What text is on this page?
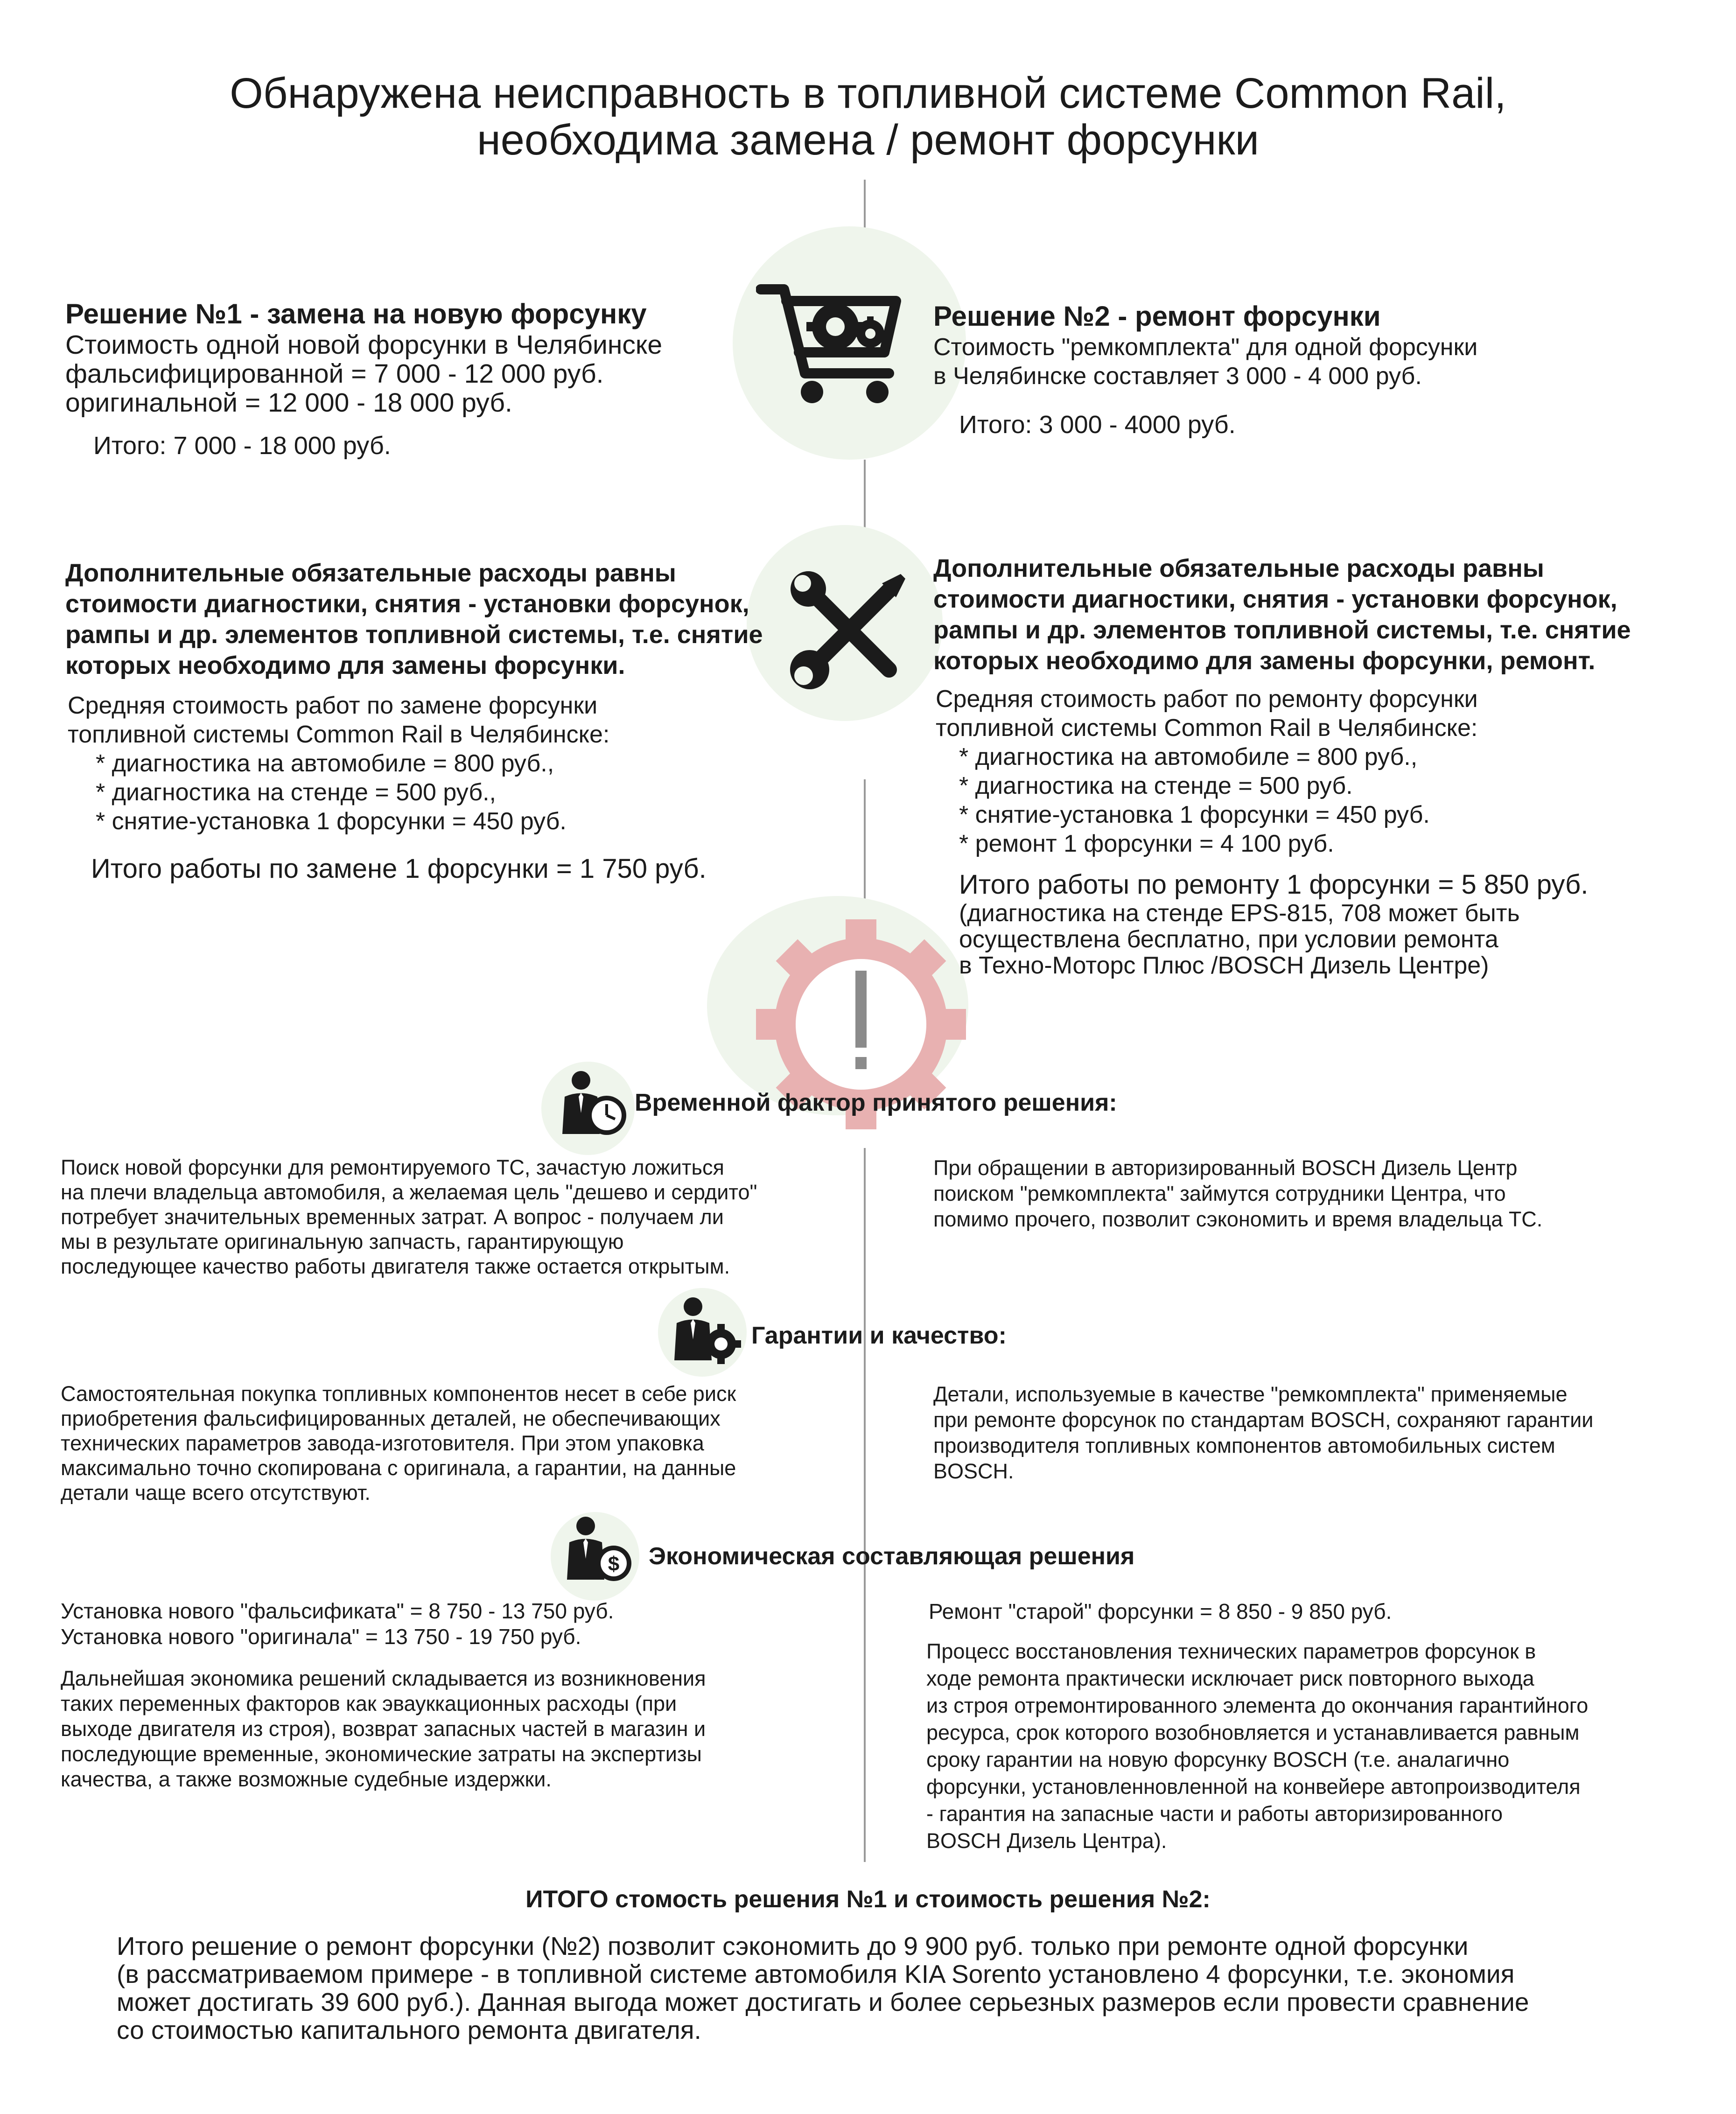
Обнаружена неисправность в топливной системе Common Rail,
необходима замена / ремонт форсунки
Решение №1 - замена на новую форсунку
Стоимость одной новой форсунки в Челябинске
фальсифицированной = 7 000 - 12 000 руб.
оригинальной = 12 000 - 18 000 руб.
Итого: 7 000 - 18 000 руб.
Решение №2 - ремонт форсунки
Стоимость "ремкомплекта" для одной форсунки
в Челябинске составляет 3 000 - 4 000 руб.
Итого: 3 000 - 4000 руб.
Дополнительные обязательные расходы равны
стоимости диагностики, снятия - установки форсунок,
рампы и др. элементов топливной системы, т.е. снятие
которых необходимо для замены форсунки.
Средняя стоимость работ по замене форсунки
топливной системы Common Rail в Челябинске:
* диагностика на автомобиле = 800 руб.,
* диагностика на стенде = 500 руб.,
* снятие-установка 1 форсунки = 450 руб.
Итого работы по замене 1 форсунки = 1 750 руб.
Дополнительные обязательные расходы равны
стоимости диагностики, снятия - установки форсунок,
рампы и др. элементов топливной системы, т.е. снятие
которых необходимо для замены форсунки, ремонт.
Средняя стоимость работ по ремонту форсунки
топливной системы Common Rail в Челябинске:
* диагностика на автомобиле = 800 руб.,
* диагностика на стенде = 500 руб.
* снятие-установка 1 форсунки = 450 руб.
* ремонт 1 форсунки = 4 100 руб.
Итого работы по ремонту 1 форсунки = 5 850 руб.
(диагностика на стенде EPS-815, 708 может быть
осуществлена бесплатно, при условии ремонта
в Техно-Моторс Плюс /BOSCH Дизель Центре)
Временной фактор принятого решения:
Поиск новой форсунки для ремонтируемого ТС, зачастую ложиться
на плечи владельца автомобиля, а желаемая цель "дешево и сердито"
потребует значительных временных затрат. А вопрос - получаем ли
мы в результате оригинальную запчасть, гарантирующую
последующее качество работы двигателя также остается открытым.
При обращении в авторизированный BOSCH Дизель Центр
поиском "ремкомплекта" займутся сотрудники Центра, что
помимо прочего, позволит сэкономить и время владельца ТС.
Гарантии и качество:
Самостоятельная покупка топливных компонентов несет в себе риск
приобретения фальсифицированных деталей, не обеспечивающих
технических параметров завода-изготовителя. При этом упаковка
максимально точно скопирована с оригинала, а гарантии, на данные
детали чаще всего отсутствуют.
Детали, используемые в качестве "ремкомплекта" применяемые
при ремонте форсунок по стандартам BOSCH, сохраняют гарантии
производителя топливных компонентов автомобильных систем
BOSCH.
$ Экономическая составляющая решения
Установка нового "фальсификата" = 8 750 - 13 750 руб.
Установка нового "оригинала" = 13 750 - 19 750 руб.
Дальнейшая экономика решений складывается из возникновения
таких переменных факторов как эвауккационных расходы (при
выходе двигателя из строя), возврат запасных частей в магазин и
последующие временные, экономические затраты на экспертизы
качества, а также возможные судебные издержки.
Ремонт "старой" форсунки = 8 850 - 9 850 руб.
Процесс восстановления технических параметров форсунок в
ходе ремонта практически исключает риск повторного выхода
из строя отремонтированного элемента до окончания гарантийного
ресурса, срок которого возобновляется и устанавливается равным
сроку гарантии на новую форсунку BOSCH (т.е. аналагично
форсунки, установленновленной на конвейере автопроизводителя
- гарантия на запасные части и работы авторизированного
BOSCH Дизель Центра).
ИТОГО стомость решения №1 и стоимость решения №2:
Итого решение о ремонт форсунки (№2) позволит сэкономить до 9 900 руб. только при ремонте одной форсунки
(в рассматриваемом примере - в топливной системе автомобиля KIA Sorento установлено 4 форсунки, т.е. экономия
может достигать 39 600 руб.). Данная выгода может достигать и более серьезных размеров если провести сравнение
со стоимостью капитального ремонта двигателя.
